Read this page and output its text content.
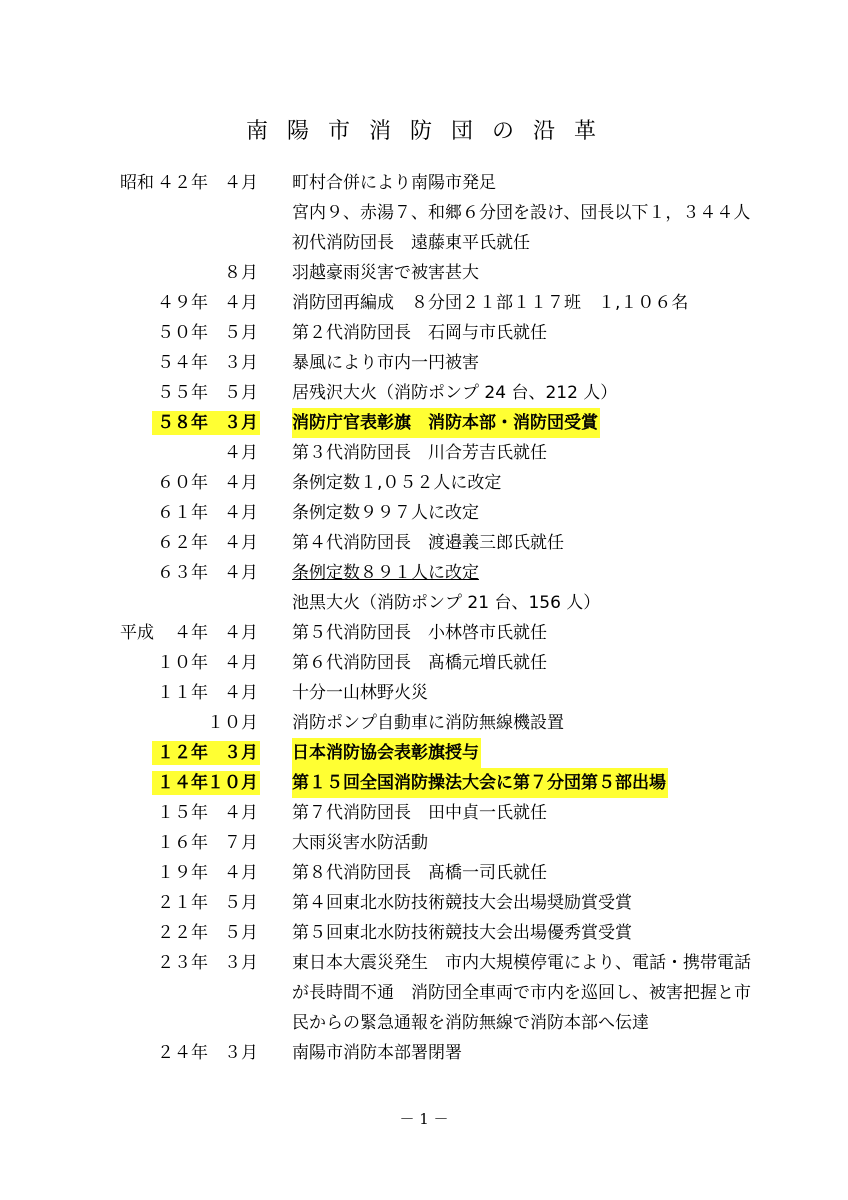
南 陽 市 消 防 団 の 沿 革
昭和 ４２年 ４月 町村合併により南陽市発足
宮内９、赤湯７、和郷６分団を設け、団長以下１，３４４人
初代消防団長　遠藤東平氏就任
８月 羽越豪雨災害で被害甚大
４９年 ４月 消防団再編成　８分団２１部１１７班　１,１０６名
５０年 ５月 第２代消防団長　石岡与市氏就任
５４年 ３月 暴風により市内一円被害
５５年 ５月 居残沢大火（消防ポンプ 24 台、212 人）
５８年 ３月 消防庁官表彰旗　消防本部・消防団受賞
４月 第３代消防団長　川合芳吉氏就任
６０年 ４月 条例定数１,０５２人に改定
６１年 ４月 条例定数９９７人に改定
６２年 ４月 第４代消防団長　渡邉義三郎氏就任
６３年 ４月 条例定数８９１人に改定
池黒大火（消防ポンプ 21 台、156 人）
平成 ４年 ４月 第５代消防団長　小林啓市氏就任
１０年 ４月 第６代消防団長　髙橋元増氏就任
１１年 ４月 十分一山林野火災
１０月 消防ポンプ自動車に消防無線機設置
１２年 ３月 日本消防協会表彰旗授与
１４年 １０月 第１５回全国消防操法大会に第７分団第５部出場
１５年 ４月 第７代消防団長　田中貞一氏就任
１６年 ７月 大雨災害水防活動
１９年 ４月 第８代消防団長　髙橋一司氏就任
２１年 ５月 第４回東北水防技術競技大会出場奨励賞受賞
２２年 ５月 第５回東北水防技術競技大会出場優秀賞受賞
２３年 ３月 東日本大震災発生　市内大規模停電により、電話・携帯電話
が長時間不通　消防団全車両で市内を巡回し、被害把握と市
民からの緊急通報を消防無線で消防本部へ伝達
２４年 ３月 南陽市消防本部署閉署
－ 1 －
